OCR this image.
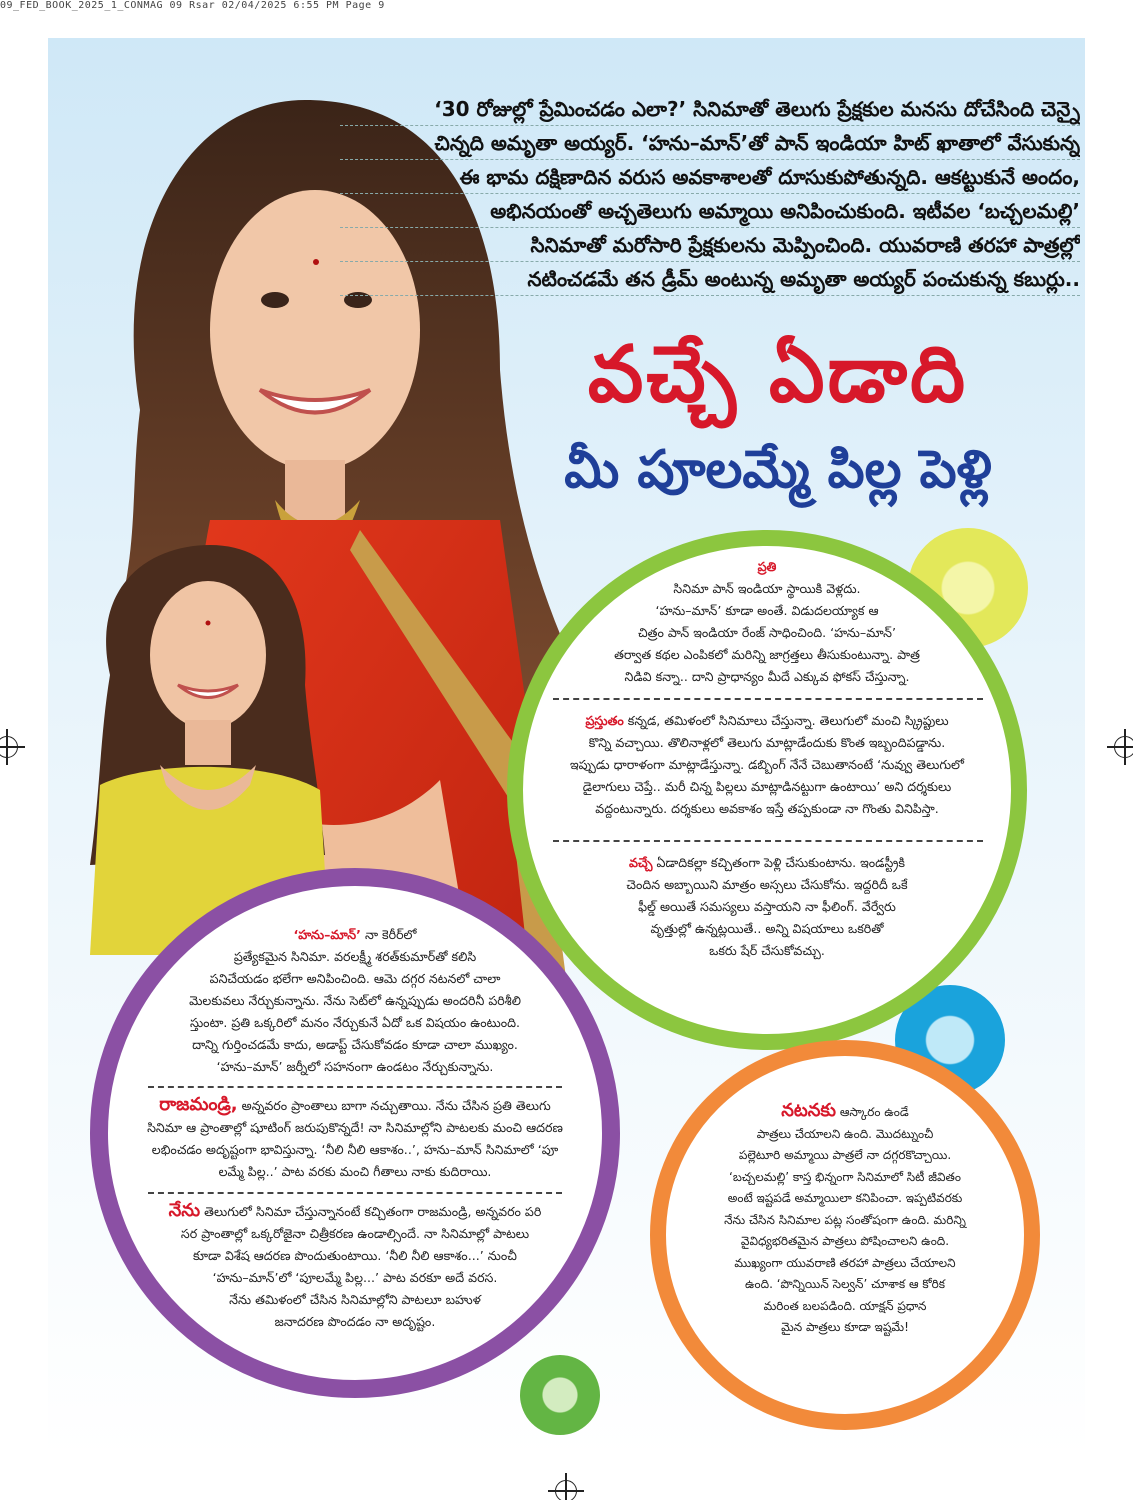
09_FED_BOOK_2025_1_CONMAG 09 Rsar 02/04/2025 6:55 PM Page 9
‘30 రోజుల్లో ప్రేమించడం ఎలా?’ సినిమాతో తెలుగు ప్రేక్షకుల మనసు దోచేసింది చెన్నై
చిన్నది అమృతా అయ్యర్‌. ‘హను–మాన్‌’తో పాన్‌ ఇండియా హిట్‌ ఖాతాలో వేసుకున్న
ఈ భామ దక్షిణాదిన వరుస అవకాశాలతో దూసుకుపోతున్నది. ఆకట్టుకునే అందం,
అభినయంతో అచ్చతెలుగు అమ్మాయి అనిపించుకుంది. ఇటీవల ‘బచ్చలమల్లి’
సినిమాతో మరోసారి ప్రేక్షకులను మెప్పించింది. యువరాణి తరహా పాత్రల్లో
నటించడమే తన డ్రీమ్‌ అంటున్న అమృతా అయ్యర్‌ పంచుకున్న కబుర్లు..
వచ్చే ఏడాది
మీ పూలమ్మే పిల్ల పెళ్లి
ప్రతి
సినిమా పాన్‌ ఇండియా స్థాయికి వెళ్లదు.
‘హను–మాన్‌’ కూడా అంతే. విడుదలయ్యాక ఆ
చిత్రం పాన్‌ ఇండియా రేంజ్‌ సాధించింది. ‘హను–మాన్‌’
తర్వాత కథల ఎంపికలో మరిన్ని జాగ్రత్తలు తీసుకుంటున్నా. పాత్ర
నిడివి కన్నా.. దాని ప్రాధాన్యం మీదే ఎక్కువ ఫోకస్‌ చేస్తున్నా.
ప్రస్తుతం కన్నడ, తమిళంలో సినిమాలు చేస్తున్నా. తెలుగులో మంచి స్క్రిప్టులు
కొన్ని వచ్చాయి. తొలినాళ్లలో తెలుగు మాట్లాడేందుకు కొంత ఇబ్బందిపడ్డాను.
ఇప్పుడు ధారాళంగా మాట్లాడేస్తున్నా. డబ్బింగ్‌ నేనే చెబుతానంటే ‘నువ్వు తెలుగులో
డైలాగులు చెప్తే.. మరీ చిన్న పిల్లలు మాట్లాడినట్టుగా ఉంటాయి’ అని దర్శకులు
వద్దంటున్నారు. దర్శకులు అవకాశం ఇస్తే తప్పకుండా నా గొంతు వినిపిస్తా.
వచ్చే ఏడాదికల్లా కచ్చితంగా పెళ్లి చేసుకుంటాను. ఇండస్ట్రీకి
చెందిన అబ్బాయిని మాత్రం అస్సలు చేసుకోను. ఇద్దరిదీ ఒకే
ఫీల్డ్‌ అయితే సమస్యలు వస్తాయని నా ఫీలింగ్‌. వేర్వేరు
వృత్తుల్లో ఉన్నట్లయితే.. అన్ని విషయాలు ఒకరితో
ఒకరు షేర్‌ చేసుకోవచ్చు.
‘హను–మాన్‌’ నా కెరీర్‌లో
ప్రత్యేకమైన సినిమా. వరలక్ష్మీ శరత్‌కుమార్‌తో కలిసి
పనిచేయడం భలేగా అనిపించింది. ఆమె దగ్గర నటనలో చాలా
మెలకువలు నేర్చుకున్నాను. నేను సెట్‌లో ఉన్నప్పుడు అందరినీ పరిశీలి
స్తుంటా. ప్రతి ఒక్కరిలో మనం నేర్చుకునే ఏదో ఒక విషయం ఉంటుంది.
దాన్ని గుర్తించడమే కాదు, అడాప్ట్‌ చేసుకోవడం కూడా చాలా ముఖ్యం.
‘హను–మాన్‌’ జర్నీలో సహనంగా ఉండటం నేర్చుకున్నాను.
రాజమండ్రి, అన్నవరం ప్రాంతాలు బాగా నచ్చుతాయి. నేను చేసిన ప్రతి తెలుగు
సినిమా ఆ ప్రాంతాల్లో షూటింగ్‌ జరుపుకొన్నదే! నా సినిమాల్లోని పాటలకు మంచి ఆదరణ
లభించడం అదృష్టంగా భావిస్తున్నా. ‘నీలి నీలి ఆకాశం..’, హను–మాన్‌ సినిమాలో ‘పూ
లమ్మే పిల్ల..’ పాట వరకు మంచి గీతాలు నాకు కుదిరాయి.
నేను తెలుగులో సినిమా చేస్తున్నానంటే కచ్చితంగా రాజమండ్రి, అన్నవరం పరి
సర ప్రాంతాల్లో ఒక్కరోజైనా చిత్రీకరణ ఉండాల్సిందే. నా సినిమాల్లో పాటలు
కూడా విశేష ఆదరణ పొందుతుంటాయి. ‘నీలి నీలి ఆకాశం...’ నుంచీ
‘హను–మాన్‌’లో ‘పూలమ్మే పిల్ల...’ పాట వరకూ అదే వరస.
నేను తమిళంలో చేసిన సినిమాల్లోని పాటలూ బహుళ
జనాదరణ పొందడం నా అదృష్టం.
నటనకు ఆస్కారం ఉండే
పాత్రలు చేయాలని ఉంది. మొదట్నుంచీ
పల్లెటూరి అమ్మాయి పాత్రలే నా దగ్గరకొచ్చాయి.
‘బచ్చలమల్లి’ కాస్త భిన్నంగా సినిమాలో సిటీ జీవితం
అంటే ఇష్టపడే అమ్మాయిలా కనిపించా. ఇప్పటివరకు
నేను చేసిన సినిమాల పట్ల సంతోషంగా ఉంది. మరిన్ని
వైవిధ్యభరితమైన పాత్రలు పోషించాలని ఉంది.
ముఖ్యంగా యువరాణి తరహా పాత్రలు చేయాలని
ఉంది. ‘పొన్నియిన్‌ సెల్వన్‌’ చూశాక ఆ కోరిక
మరింత బలపడింది. యాక్షన్‌ ప్రధాన
మైన పాత్రలు కూడా ఇష్టమే!
